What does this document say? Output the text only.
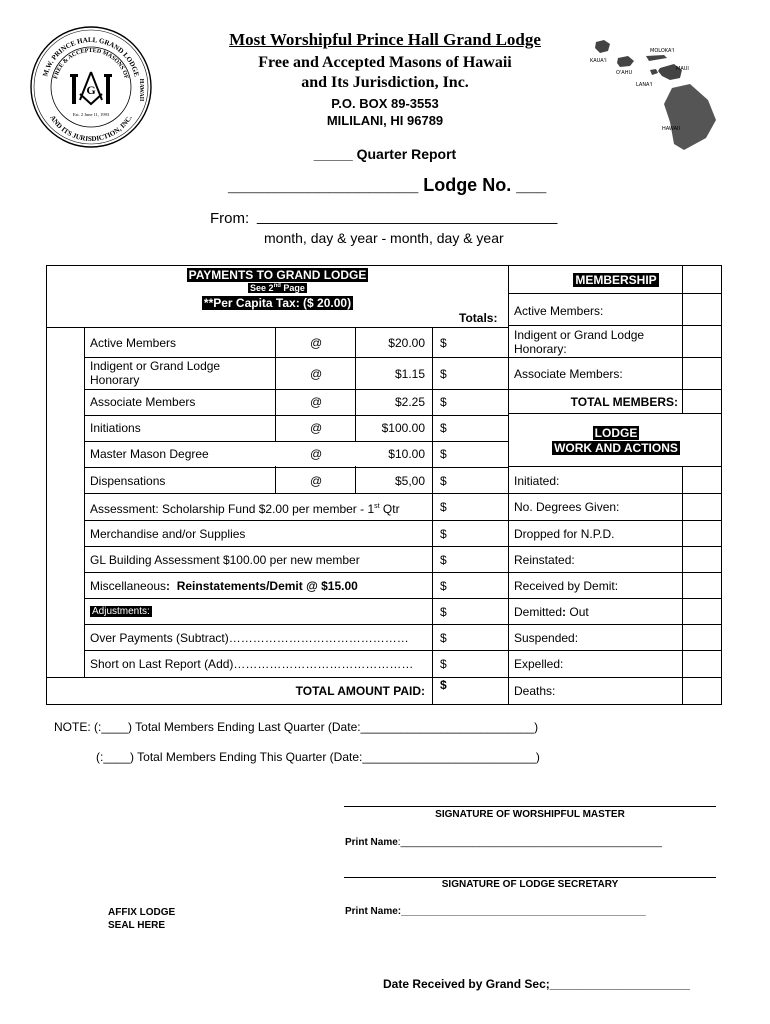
M.W. PRINCE HALL GRAND LODGE
FREE & ACCEPTED MASONS OF
AND ITS JURISDICTION, INC.
HAWAII
G
Est. 2 June 11, 1993
Most Worshipful Prince Hall Grand Lodge
Free and Accepted Masons of Hawaii
and Its Jurisdiction, Inc.
P.O. BOX 89-3553
MILILANI, HI 96789
_____ Quarter Report
___________________ Lodge No. ___
From: ____________________________________
month, day & year - month, day & year
KAUA'I
O'AHU
MOLOKA'I
MAUI
LANA'I
HAWAII
PAYMENTS TO GRAND LODGE
See 2nd Page
**Per Capita Tax: ($ 20.00)
Totals:
Active Members	@	$20.00 $
Indigent or Grand Lodge Honorary	@	$1.15 $
Associate Members	@	$2.25 $
Initiations	@	$100.00 $
Master Mason Degree	@	$10.00 $
Dispensations	@	$5,00 $
Assessment: Scholarship Fund $2.00 per member - 1st Qtr	$
Merchandise and/or Supplies	$
GL Building Assessment $100.00 per new member	$
Miscellaneous: Reinstatements/Demit @ $15.00	$
Adjustments:	$
Over Payments (Subtract)………………………………………	$
Short on Last Report (Add)……………………………………… $
TOTAL AMOUNT PAID: $
MEMBERSHIP
Active Members:
Indigent or Grand Lodge Honorary:
Associate Members:
TOTAL MEMBERS:
LODGE
WORK AND ACTIONS
Initiated:
No. Degrees Given:
Dropped for N.P.D.
Reinstated:
Received by Demit:
Demitted: Out
Suspended:
Expelled:
Deaths:
NOTE: (:____) Total Members Ending Last Quarter (Date:__________________________)
(:____) Total Members Ending This Quarter (Date:__________________________)
SIGNATURE OF WORSHIPFUL MASTER
Print Name:_______________________________________________
SIGNATURE OF LODGE SECRETARY
Print Name:____________________________________________
AFFIX LODGE
SEAL HERE
Date Received by Grand Sec;_____________________
